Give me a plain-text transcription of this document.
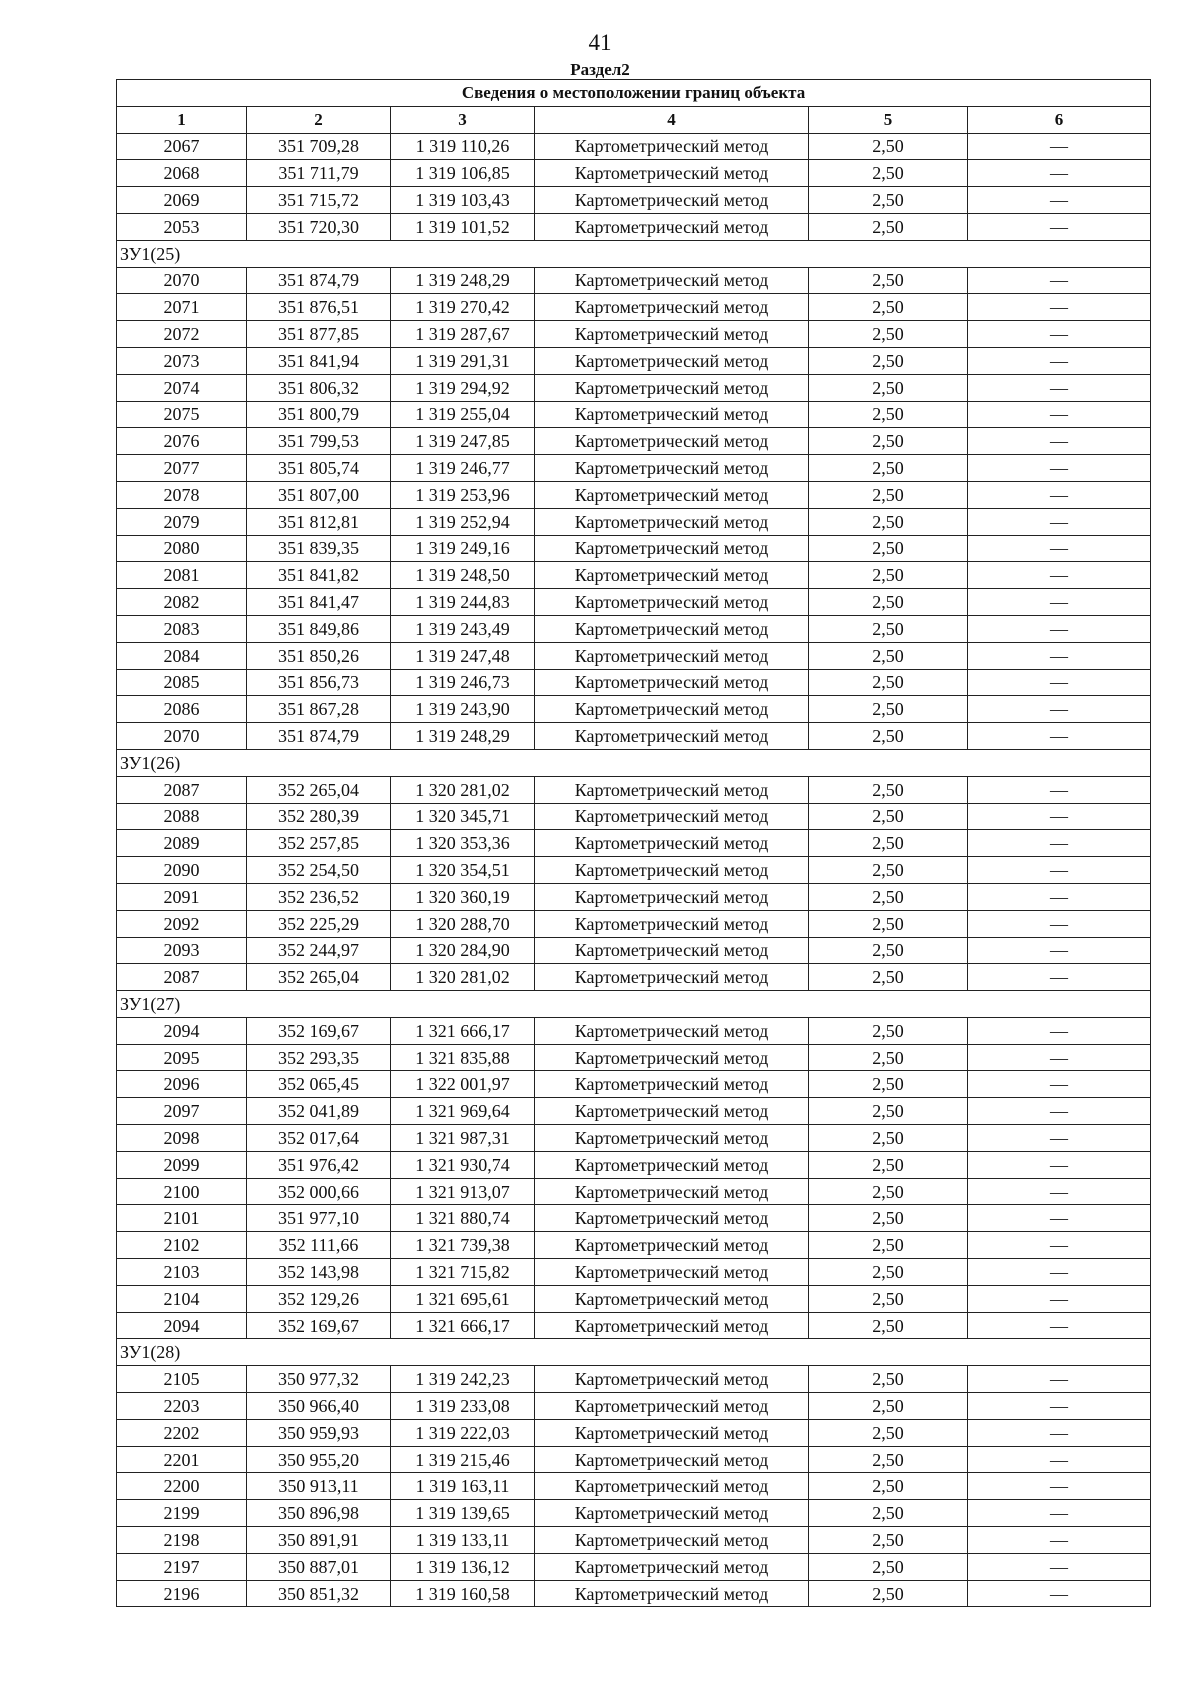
41
Раздел2
Сведения о местоположении границ объекта					
1	2	3	4	5	6
2067	351 709,28	1 319 110,26	Картометрический метод	2,50	—
2068	351 711,79	1 319 106,85	Картометрический метод	2,50	—
2069	351 715,72	1 319 103,43	Картометрический метод	2,50	—
2053	351 720,30	1 319 101,52	Картометрический метод	2,50	—
ЗУ1(25)					
2070	351 874,79	1 319 248,29	Картометрический метод	2,50	—
2071	351 876,51	1 319 270,42	Картометрический метод	2,50	—
2072	351 877,85	1 319 287,67	Картометрический метод	2,50	—
2073	351 841,94	1 319 291,31	Картометрический метод	2,50	—
2074	351 806,32	1 319 294,92	Картометрический метод	2,50	—
2075	351 800,79	1 319 255,04	Картометрический метод	2,50	—
2076	351 799,53	1 319 247,85	Картометрический метод	2,50	—
2077	351 805,74	1 319 246,77	Картометрический метод	2,50	—
2078	351 807,00	1 319 253,96	Картометрический метод	2,50	—
2079	351 812,81	1 319 252,94	Картометрический метод	2,50	—
2080	351 839,35	1 319 249,16	Картометрический метод	2,50	—
2081	351 841,82	1 319 248,50	Картометрический метод	2,50	—
2082	351 841,47	1 319 244,83	Картометрический метод	2,50	—
2083	351 849,86	1 319 243,49	Картометрический метод	2,50	—
2084	351 850,26	1 319 247,48	Картометрический метод	2,50	—
2085	351 856,73	1 319 246,73	Картометрический метод	2,50	—
2086	351 867,28	1 319 243,90	Картометрический метод	2,50	—
2070	351 874,79	1 319 248,29	Картометрический метод	2,50	—
ЗУ1(26)					
2087	352 265,04	1 320 281,02	Картометрический метод	2,50	—
2088	352 280,39	1 320 345,71	Картометрический метод	2,50	—
2089	352 257,85	1 320 353,36	Картометрический метод	2,50	—
2090	352 254,50	1 320 354,51	Картометрический метод	2,50	—
2091	352 236,52	1 320 360,19	Картометрический метод	2,50	—
2092	352 225,29	1 320 288,70	Картометрический метод	2,50	—
2093	352 244,97	1 320 284,90	Картометрический метод	2,50	—
2087	352 265,04	1 320 281,02	Картометрический метод	2,50	—
ЗУ1(27)					
2094	352 169,67	1 321 666,17	Картометрический метод	2,50	—
2095	352 293,35	1 321 835,88	Картометрический метод	2,50	—
2096	352 065,45	1 322 001,97	Картометрический метод	2,50	—
2097	352 041,89	1 321 969,64	Картометрический метод	2,50	—
2098	352 017,64	1 321 987,31	Картометрический метод	2,50	—
2099	351 976,42	1 321 930,74	Картометрический метод	2,50	—
2100	352 000,66	1 321 913,07	Картометрический метод	2,50	—
2101	351 977,10	1 321 880,74	Картометрический метод	2,50	—
2102	352 111,66	1 321 739,38	Картометрический метод	2,50	—
2103	352 143,98	1 321 715,82	Картометрический метод	2,50	—
2104	352 129,26	1 321 695,61	Картометрический метод	2,50	—
2094	352 169,67	1 321 666,17	Картометрический метод	2,50	—
ЗУ1(28)					
2105	350 977,32	1 319 242,23	Картометрический метод	2,50	—
2203	350 966,40	1 319 233,08	Картометрический метод	2,50	—
2202	350 959,93	1 319 222,03	Картометрический метод	2,50	—
2201	350 955,20	1 319 215,46	Картометрический метод	2,50	—
2200	350 913,11	1 319 163,11	Картометрический метод	2,50	—
2199	350 896,98	1 319 139,65	Картометрический метод	2,50	—
2198	350 891,91	1 319 133,11	Картометрический метод	2,50	—
2197	350 887,01	1 319 136,12	Картометрический метод	2,50	—
2196	350 851,32	1 319 160,58	Картометрический метод	2,50	—
